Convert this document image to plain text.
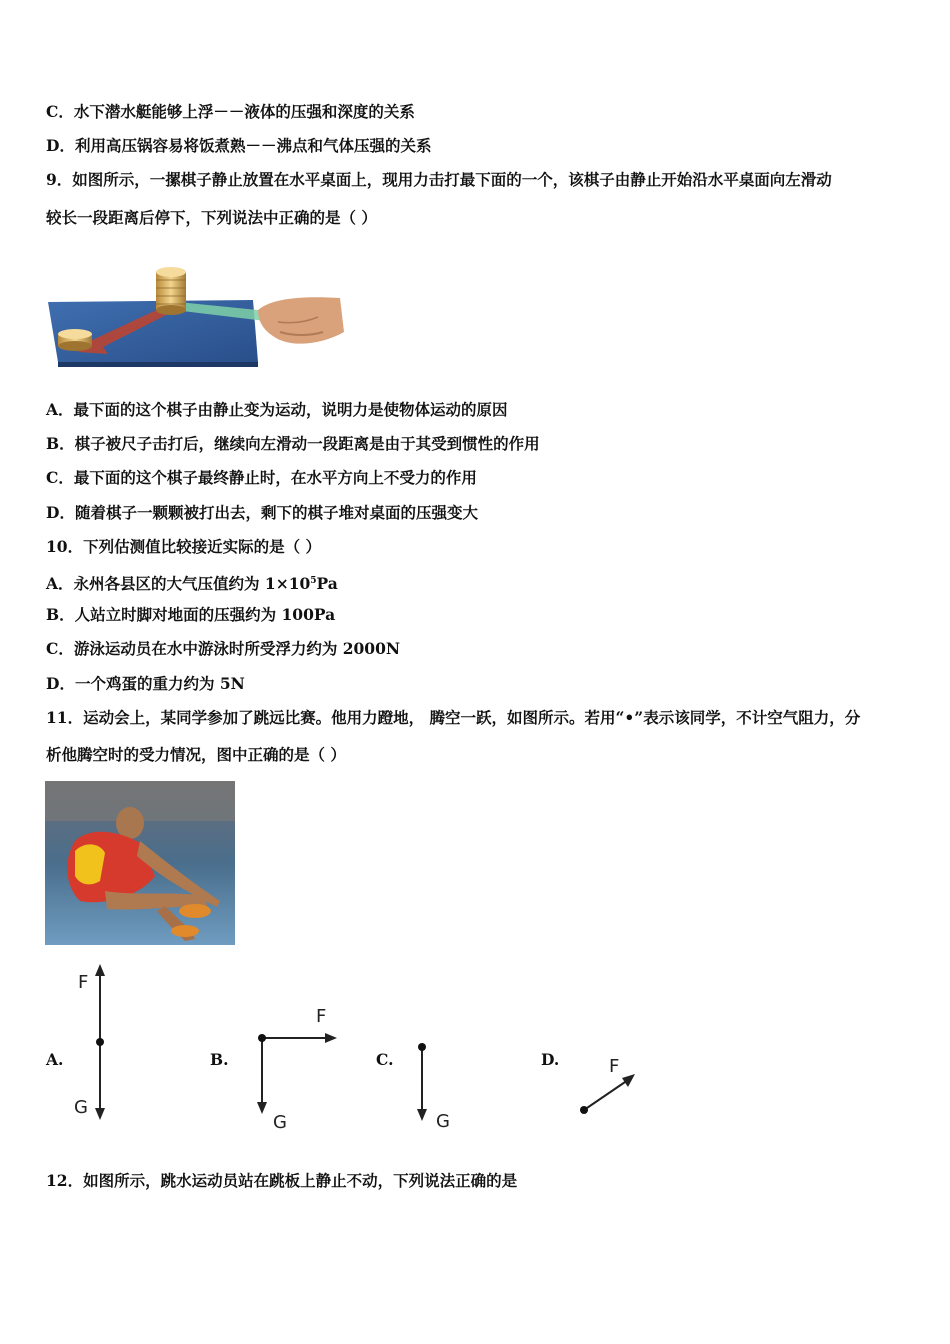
C．水下潜水艇能够上浮－－液体的压强和深度的关系
D．利用高压锅容易将饭煮熟－－沸点和气体压强的关系
9．如图所示，一摞棋子静止放置在水平桌面上，现用力击打最下面的一个，该棋子由静止开始沿水平桌面向左滑动
较长一段距离后停下，下列说法中正确的是（ ）
A．最下面的这个棋子由静止变为运动，说明力是使物体运动的原因
B．棋子被尺子击打后，继续向左滑动一段距离是由于其受到惯性的作用
C．最下面的这个棋子最终静止时，在水平方向上不受力的作用
D．随着棋子一颗颗被打出去，剩下的棋子堆对桌面的压强变大
10．下列估测值比较接近实际的是（ ）
A．永州各县区的大气压值约为 $1\times 10^5Pa$
B．人站立时脚对地面的压强约为 100Pa
C．游泳运动员在水中游泳时所受浮力约为 2000N
D．一个鸡蛋的重力约为 5N
11．运动会上，某同学参加了跳远比赛。他用力蹬地， 腾空一跃，如图所示。若用“•”表示该同学，不计空气阻力，分
析他腾空时的受力情况，图中正确的是（ ）
A.
F
G
B.
F
G
C.
G
D.	F
12．如图所示，跳水运动员站在跳板上静止不动，下列说法正确的是
